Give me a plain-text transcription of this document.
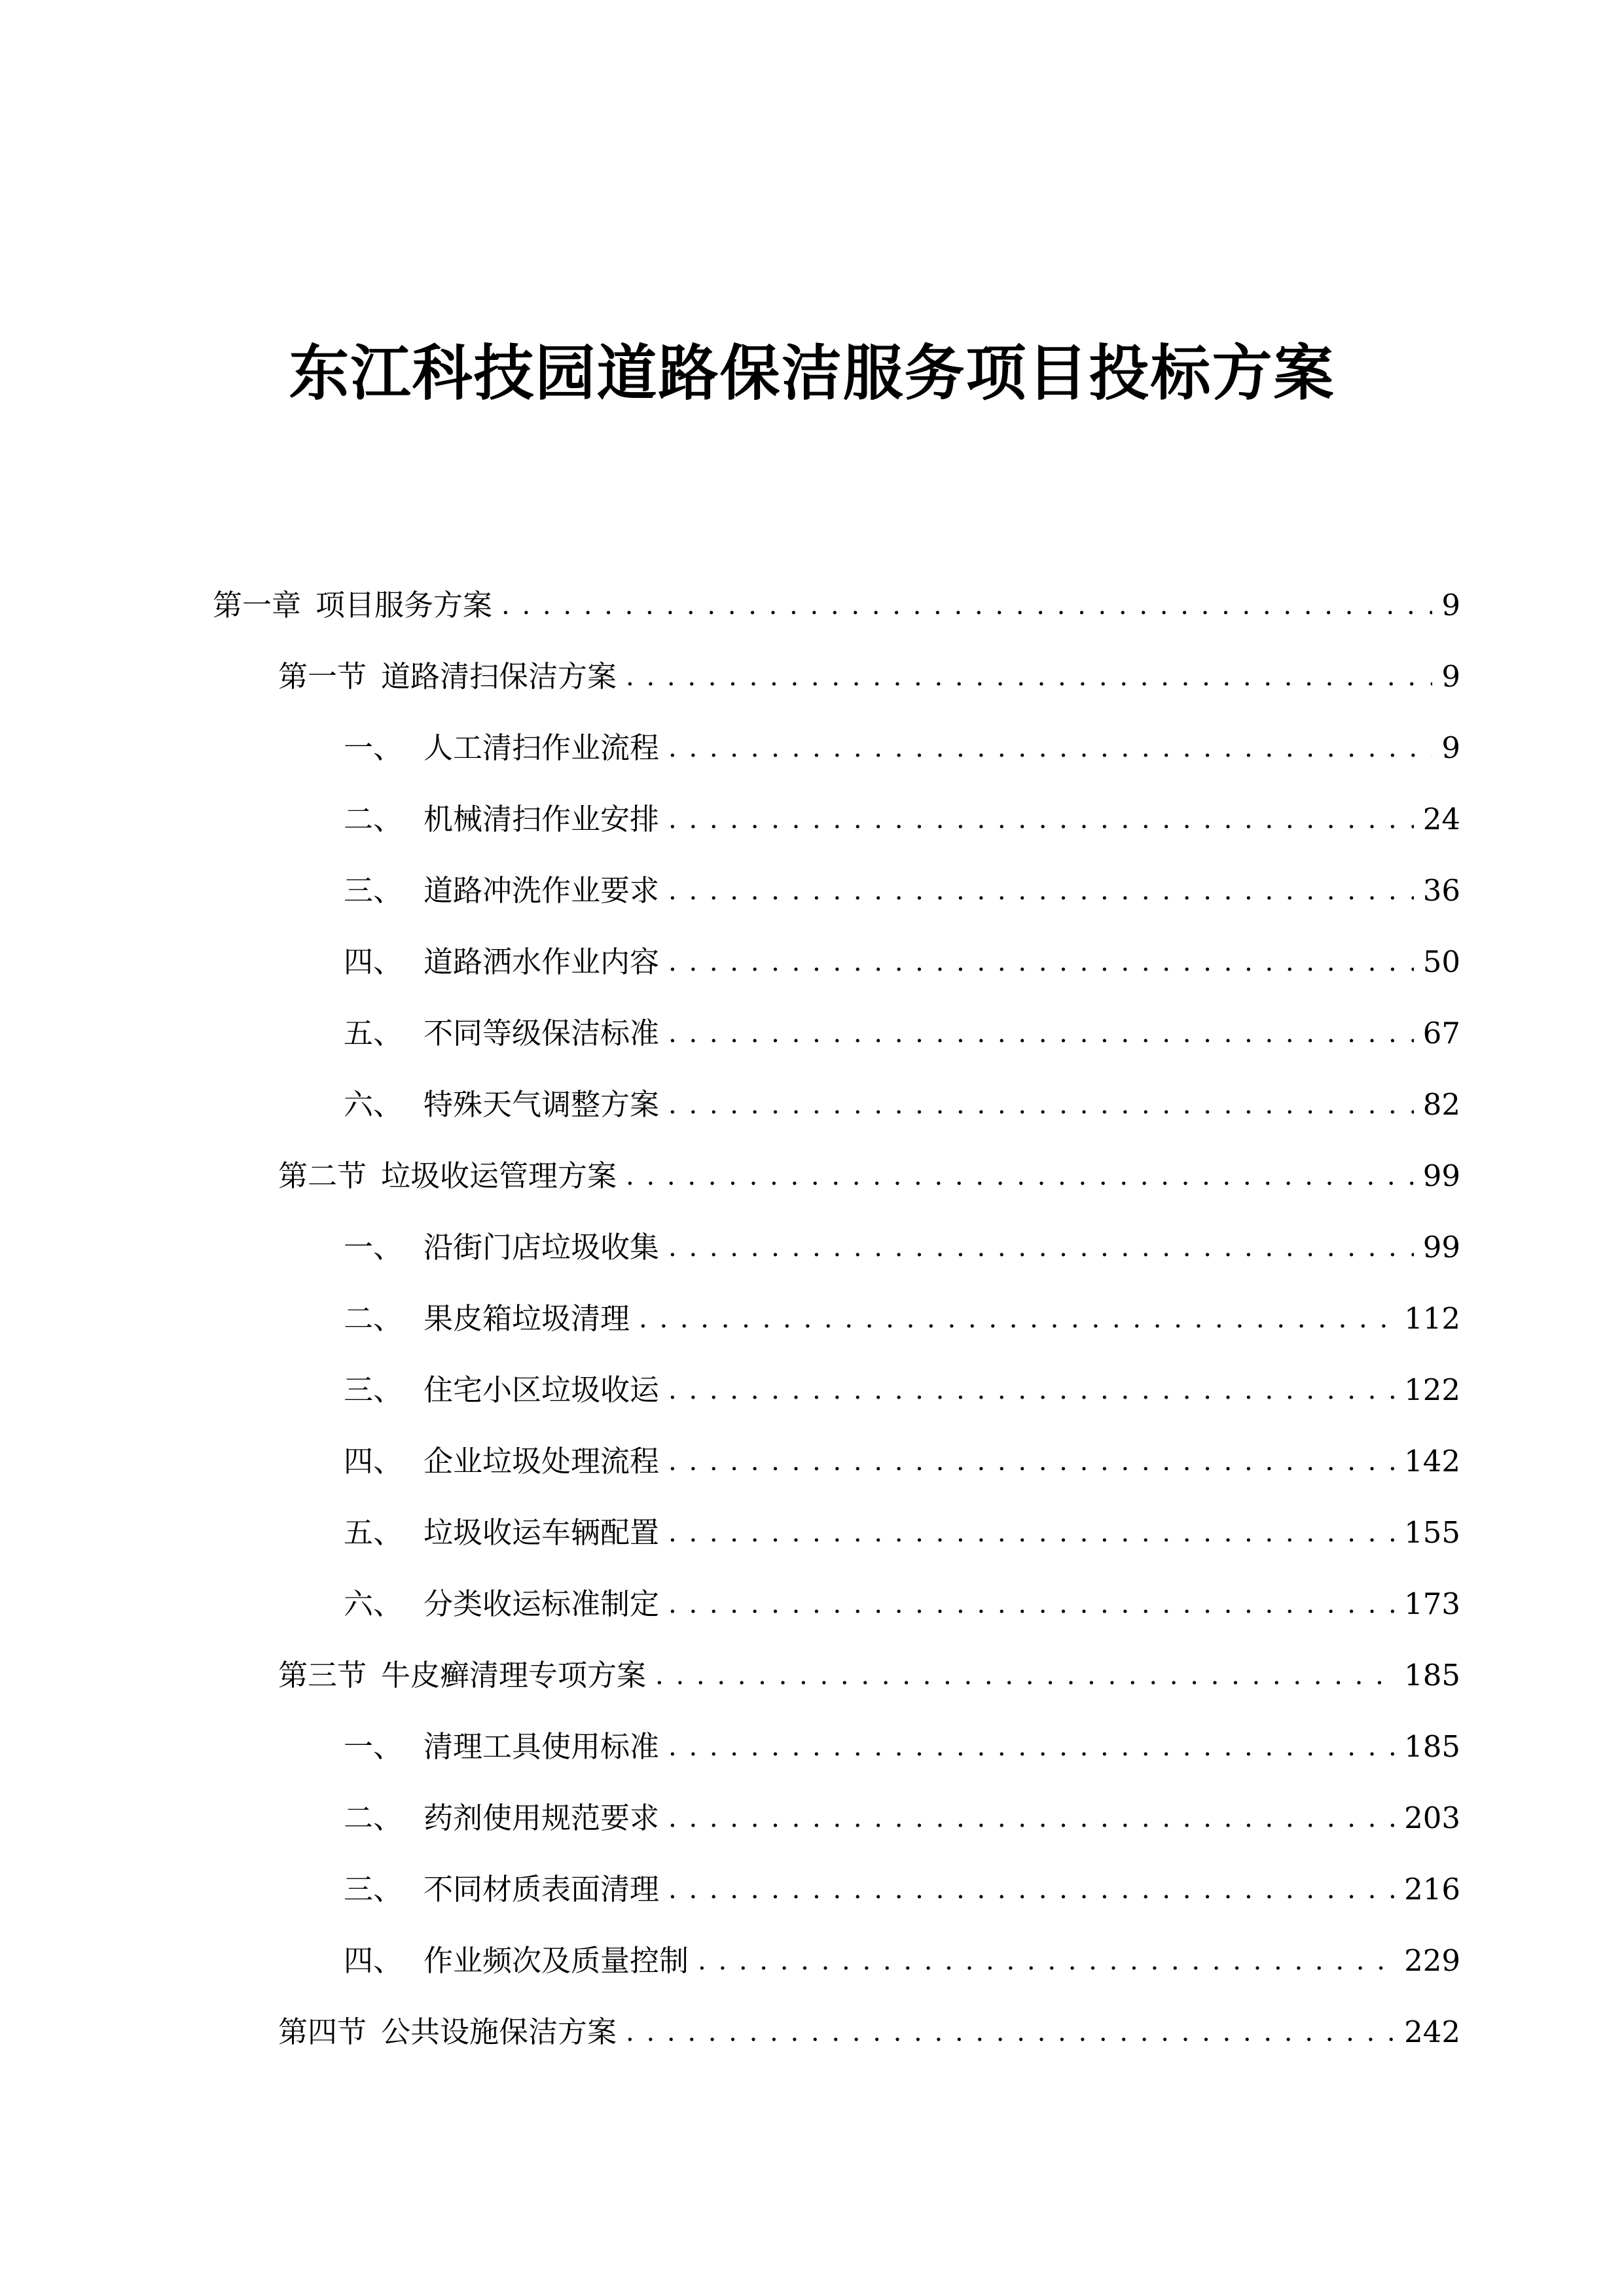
东江科技园道路保洁服务项目投标方案
第一章 项目服务方案 . . .	9
第一节 道路清扫保洁方案 . . .	9
一、 人工清扫作业流程 . . .	9
二、 机械清扫作业安排 . . .	24
三、 道路冲洗作业要求 . . .	36
四、 道路洒水作业内容 . . .	50
五、 不同等级保洁标准 . . .	67
六、 特殊天气调整方案 . . .	82
第二节 垃圾收运管理方案 . . .	99
一、 沿街门店垃圾收集 . . .	99
二、 果皮箱垃圾清理 . . .	112
三、 住宅小区垃圾收运 . . .	122
四、 企业垃圾处理流程 . . .	142
五、 垃圾收运车辆配置 . . .	155
六、 分类收运标准制定 . . .	173
第三节 牛皮癣清理专项方案 . . .	185
一、 清理工具使用标准 . . .	185
二、 药剂使用规范要求 . . .	203
三、 不同材质表面清理 . . .	216
四、 作业频次及质量控制 . . .	229
第四节 公共设施保洁方案 . . .	242
